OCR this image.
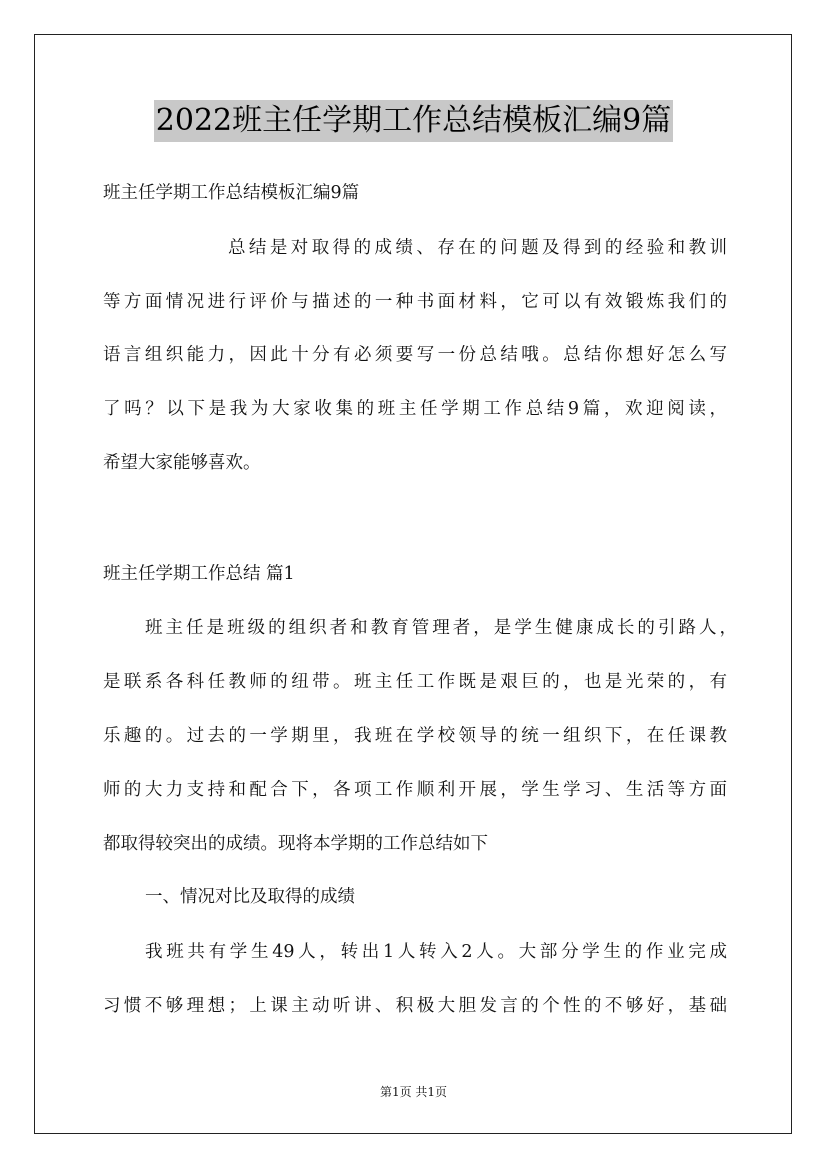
2022班主任学期工作总结模板汇编9篇
班主任学期工作总结模板汇编9篇
总结是对取得的成绩、存在的问题及得到的经验和教训
等方面情况进行评价与描述的一种书面材料，它可以有效锻炼我们的
语言组织能力，因此十分有必须要写一份总结哦。总结你想好怎么写
了吗？以下是我为大家收集的班主任学期工作总结9篇，欢迎阅读，
希望大家能够喜欢。
班主任学期工作总结 篇1
班主任是班级的组织者和教育管理者，是学生健康成长的引路人，
是联系各科任教师的纽带。班主任工作既是艰巨的，也是光荣的，有
乐趣的。过去的一学期里，我班在学校领导的统一组织下，在任课教
师的大力支持和配合下，各项工作顺利开展，学生学习、生活等方面
都取得较突出的成绩。现将本学期的工作总结如下
一、情况对比及取得的成绩
我班共有学生49人，转出1人转入2人。大部分学生的作业完成
习惯不够理想；上课主动听讲、积极大胆发言的个性的不够好，基础
第1页 共1页
